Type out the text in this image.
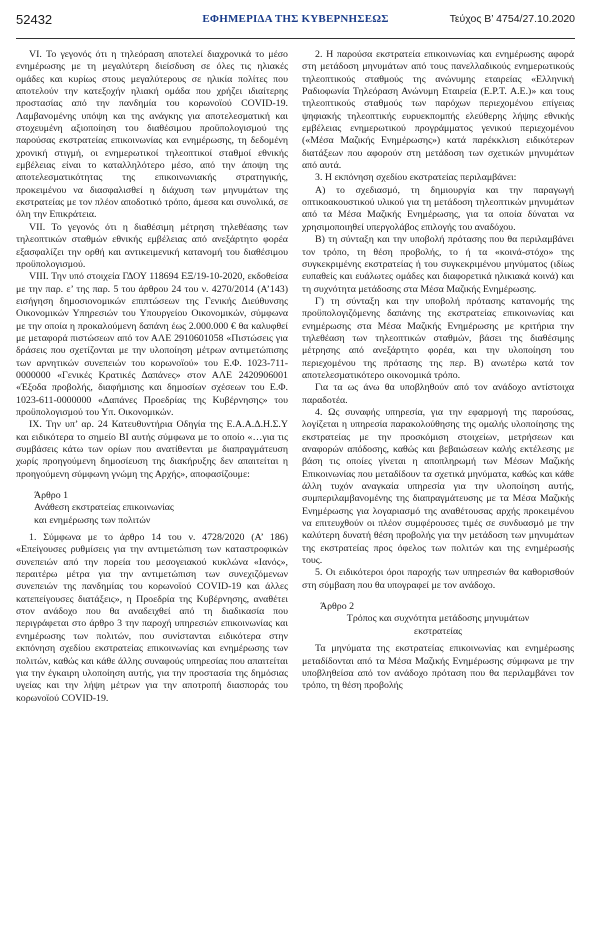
52432	ΕΦΗΜΕΡΙΔΑ ΤΗΣ ΚΥΒΕΡΝΗΣΕΩΣ	Τεύχος Β’ 4754/27.10.2020

VI. Το γεγονός ότι η τηλεόραση αποτελεί διαχρονικά το μέσο ενημέρωσης με τη μεγαλύτερη διείσδυση σε όλες τις ηλιακές ομάδες και κυρίως στους μεγαλύτερους σε ηλικία πολίτες που αποτελούν την κατεξοχήν ηλιακή ομάδα που χρήζει ιδιαίτερης προστασίας από την πανδημία του κορωνοϊού COVID-19. Λαμβανομένης υπόψη και της ανάγκης για αποτελεσματική και στοχευμένη αξιοποίηση του διαθέσιμου προϋπολογισμού της παρούσας εκστρατείας επικοινωνίας και ενημέρωσης, τη δεδομένη χρονική στιγμή, οι ενημερωτικοί τηλεοπτικοί σταθμοί εθνικής εμβέλειας είναι το καταλληλότερο μέσο, από την άποψη της αποτελεσματικότητας της επικοινωνιακής στρατηγικής, προκειμένου να διασφαλισθεί η διάχυση των μηνυμάτων της εκστρατείας με τον πλέον αποδοτικό τρόπο, άμεσα και συνολικά, σε όλη την Επικράτεια.

VII. Το γεγονός ότι η διαθέσιμη μέτρηση τηλεθέασης των τηλεοπτικών σταθμών εθνικής εμβέλειας από ανεξάρτητο φορέα εξασφαλίζει την ορθή και αντικειμενική κατανομή του διαθέσιμου προϋπολογισμού.

VIII. Την υπό στοιχεία ΓΔΟΥ 118694 ΕΞ/19-10-2020, εκδοθείσα με την παρ. ε’ της παρ. 5 του άρθρου 24 του ν. 4270/2014 (Α’143) εισήγηση δημοσιονομικών επιπτώσεων της Γενικής Διεύθυνσης Οικονομικών Υπηρεσιών του Υπουργείου Οικονομικών, σύμφωνα με την οποία η προκαλούμενη δαπάνη έως 2.000.000 € θα καλυφθεί με μεταφορά πιστώσεων από τον ΑΛΕ 2910601058 «Πιστώσεις για δράσεις που σχετίζονται με την υλοποίηση μέτρων αντιμετώπισης των αρνητικών συνεπειών του κορωνοϊού» του Ε.Φ. 1023-711-0000000 «Γενικές Κρατικές Δαπάνες» στον ΑΛΕ 2420906001 «Έξοδα προβολής, διαφήμισης και δημοσίων σχέσεων του Ε.Φ. 1023-611-0000000 «Δαπάνες Προεδρίας της Κυβέρνησης» του προϋπολογισμού του Υπ. Οικονομικών.

IX. Την υπ’ αρ. 24 Κατευθυντήρια Οδηγία της Ε.Α.Α.Δ.Η.Σ.Υ και ειδικότερα το σημείο ΒΙ αυτής σύμφωνα με το οποίο «…για τις συμβάσεις κάτω των ορίων που ανατίθενται με διαπραγμάτευση χωρίς προηγούμενη δημοσίευση της διακήρυξης δεν απαιτείται η προηγούμενη σύμφωνη γνώμη της Αρχής», αποφασίζουμε:

Άρθρο 1

Ανάθεση εκστρατείας επικοινωνίας

και ενημέρωσης των πολιτών

1. Σύμφωνα με το άρθρο 14 του ν. 4728/2020 (Α’ 186) «Επείγουσες ρυθμίσεις για την αντιμετώπιση των καταστροφικών συνεπειών από την πορεία του μεσογειακού κυκλώνα «Ιανός», περαιτέρω μέτρα για την αντιμετώπιση των συνεχιζόμενων συνεπειών της πανδημίας του κορωνοϊού COVID-19 και άλλες κατεπείγουσες διατάξεις», η Προεδρία της Κυβέρνησης, αναθέτει στον ανάδοχο που θα αναδειχθεί από τη διαδικασία που περιγράφεται στο άρθρο 3 την παροχή υπηρεσιών επικοινωνίας και ενημέρωσης των πολιτών, που συνίστανται ειδικότερα στην εκπόνηση σχεδίου εκστρατείας επικοινωνίας και ενημέρωσης των πολιτών, καθώς και κάθε άλλης συναφούς υπηρεσίας που απαιτείται για την έγκαιρη υλοποίηση αυτής, για την προστασία της δημόσιας υγείας και την λήψη μέτρων για την αποτροπή διασποράς του κορωνοϊού COVID-19.

2. Η παρούσα εκστρατεία επικοινωνίας και ενημέρωσης αφορά στη μετάδοση μηνυμάτων από τους πανελλαδικούς ενημερωτικούς τηλεοπτικούς σταθμούς της ανώνυμης εταιρείας «Ελληνική Ραδιοφωνία Τηλεόραση Ανώνυμη Εταιρεία (Ε.Ρ.Τ. Α.Ε.)» και τους τηλεοπτικούς σταθμούς των παρόχων περιεχομένου επίγειας ψηφιακής τηλεοπτικής ευρυεκπομπής ελεύθερης λήψης εθνικής εμβέλειας ενημερωτικού προγράμματος γενικού περιεχομένου («Μέσα Μαζικής Ενημέρωσης») κατά παρέκκλιση ειδικότερων διατάξεων που αφορούν στη μετάδοση των σχετικών μηνυμάτων από αυτά.

3. Η εκπόνηση σχεδίου εκστρατείας περιλαμβάνει:

Α) το σχεδιασμό, τη δημιουργία και την παραγωγή οπτικοακουστικού υλικού για τη μετάδοση τηλεοπτικών μηνυμάτων από τα Μέσα Μαζικής Ενημέρωσης, για τα οποία δύναται να χρησιμοποιηθεί υπεργολάβος επιλογής του αναδόχου.

Β) τη σύνταξη και την υποβολή πρότασης που θα περιλαμβάνει τον τρόπο, τη θέση προβολής, το ή τα «κοινά-στόχο» της συγκεκριμένης εκστρατείας ή του συγκεκριμένου μηνύματος (ιδίως ευπαθείς και ευάλωτες ομάδες και διαφορετικά ηλικιακά κοινά) και τη συχνότητα μετάδοσης στα Μέσα Μαζικής Ενημέρωσης.

Γ) τη σύνταξη και την υποβολή πρότασης κατανομής της προϋπολογιζόμενης δαπάνης της εκστρατείας επικοινωνίας και ενημέρωσης στα Μέσα Μαζικής Ενημέρωσης με κριτήρια την τηλεθέαση των τηλεοπτικών σταθμών, βάσει της διαθέσιμης μέτρησης από ανεξάρτητο φορέα, και την υλοποίηση του περιεχομένου της πρότασης της περ. Β) ανωτέρω κατά τον αποτελεσματικότερο οικονομικά τρόπο.

Για τα ως άνω θα υποβληθούν από τον ανάδοχο αντίστοιχα παραδοτέα.

4. Ως συναφής υπηρεσία, για την εφαρμογή της παρούσας, λογίζεται η υπηρεσία παρακολούθησης της ομαλής υλοποίησης της εκστρατείας με την προσκόμιση στοιχείων, μετρήσεων και αναφορών απόδοσης, καθώς και βεβαιώσεων καλής εκτέλεσης με βάση τις οποίες γίνεται η αποπληρωμή των Μέσων Μαζικής Επικοινωνίας που μεταδίδουν τα σχετικά μηνύματα, καθώς και κάθε άλλη τυχόν αναγκαία υπηρεσία για την υλοποίηση αυτής, συμπεριλαμβανομένης της διαπραγμάτευσης με τα Μέσα Μαζικής Ενημέρωσης για λογαριασμό της αναθέτουσας αρχής προκειμένου να επιτευχθούν οι πλέον συμφέρουσες τιμές σε συνδυασμό με την καλύτερη δυνατή θέση προβολής για την μετάδοση των μηνυμάτων της εκστρατείας προς όφελος των πολιτών και της ενημέρωσής τους.

5. Οι ειδικότεροι όροι παροχής των υπηρεσιών θα καθορισθούν στη σύμβαση που θα υπογραφεί με τον ανάδοχο.

Άρθρο 2

Τρόπος και συχνότητα μετάδοσης μηνυμάτων

εκστρατείας

Τα μηνύματα της εκστρατείας επικοινωνίας και ενημέρωσης μεταδίδονται από τα Μέσα Μαζικής Ενημέρωσης σύμφωνα με την υποβληθείσα από τον ανάδοχο πρόταση που θα περιλαμβάνει τον τρόπο, τη θέση προβολής
